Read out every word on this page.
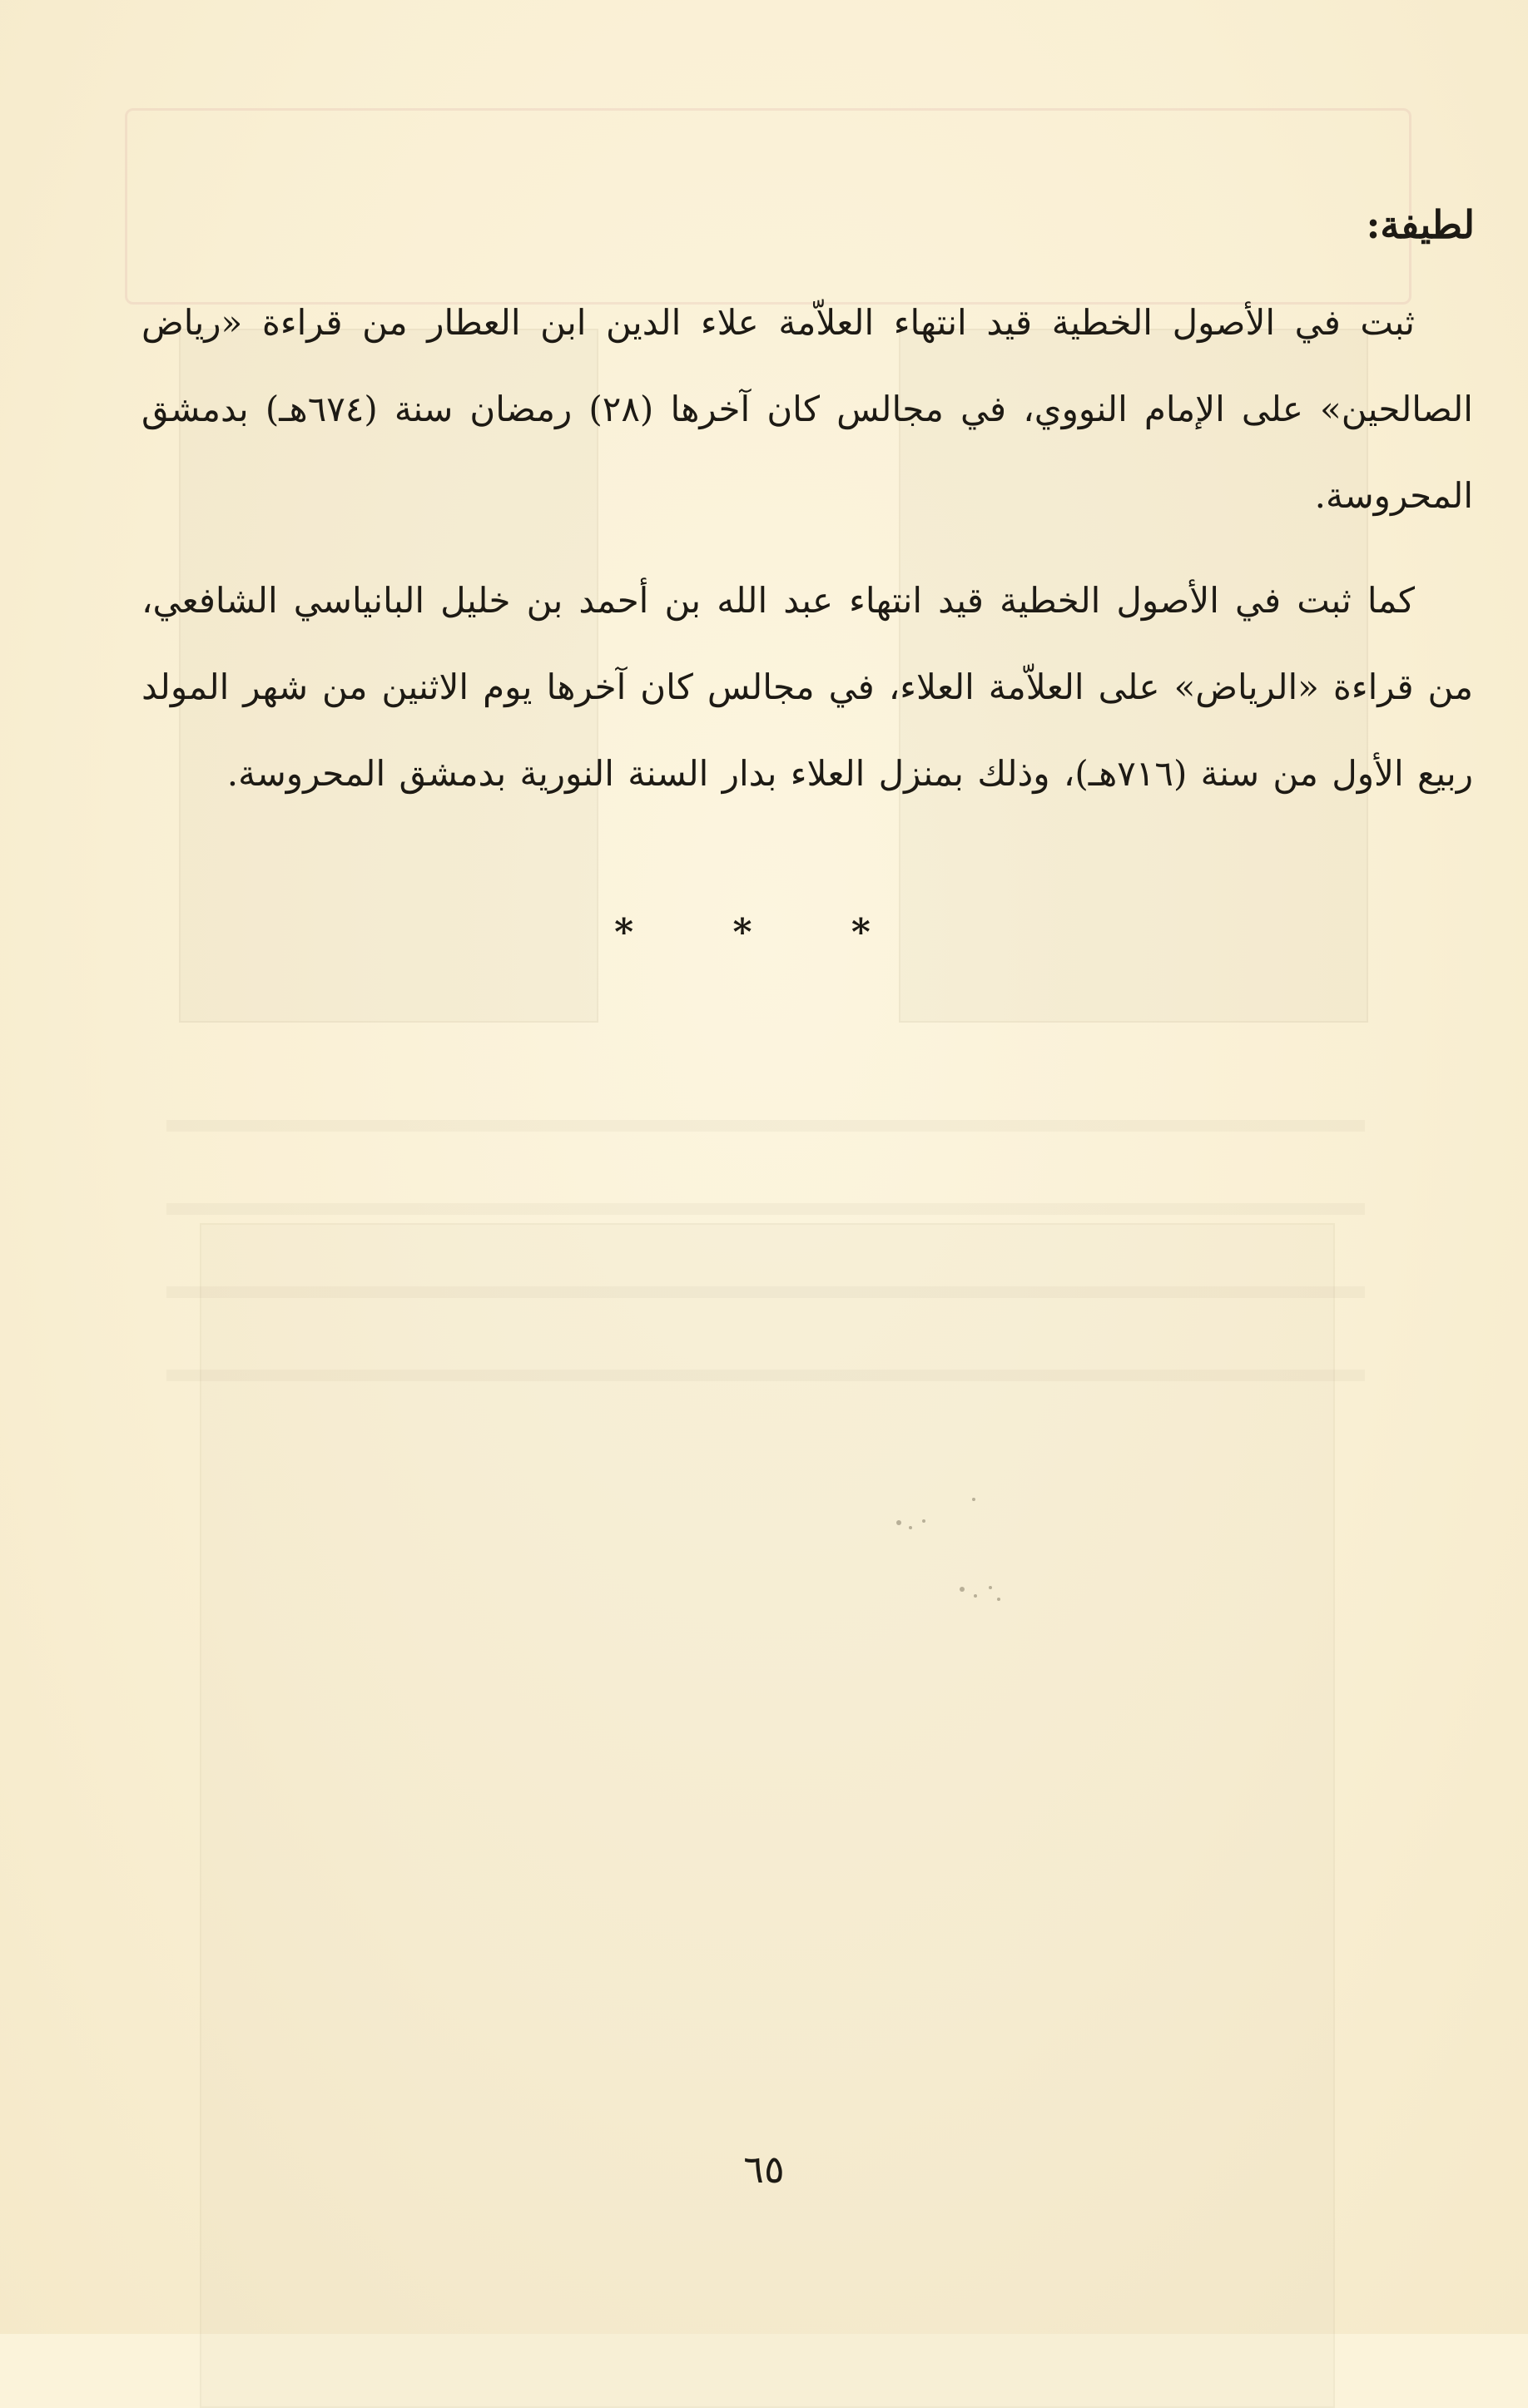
لطيفة:

ثبت في الأصول الخطية قيد انتهاء العلاّمة علاء الدين ابن العطار من قراءة «رياض الصالحين» على الإمام النووي، في مجالس كان آخرها (٢٨) رمضان سنة (٦٧٤هـ) بدمشق المحروسة.

كما ثبت في الأصول الخطية قيد انتهاء عبد الله بن أحمد بن خليل البانياسي الشافعي، من قراءة «الرياض» على العلاّمة العلاء، في مجالس كان آخرها يوم الاثنين من شهر المولد ربيع الأول من سنة (٧١٦هـ)، وذلك بمنزل العلاء بدار السنة النورية بدمشق المحروسة.

* * *
٦٥
